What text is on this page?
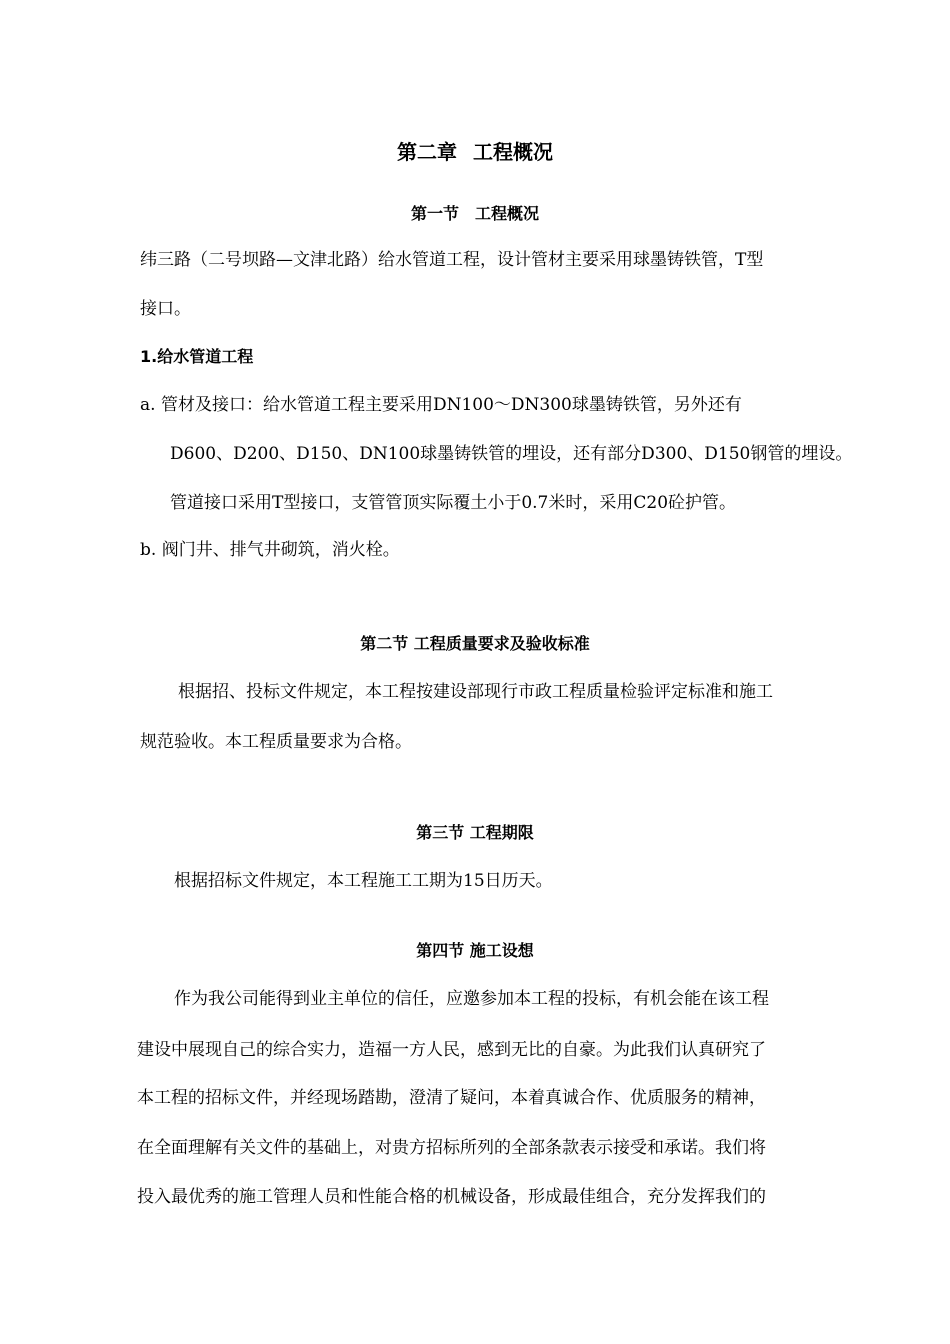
第二章 工程概况
第一节 工程概况
纬三路（二号坝路—文津北路）给水管道工程，设计管材主要采用球墨铸铁管，T型
接口。
1.给水管道工程
a. 管材及接口：给水管道工程主要采用DN100～DN300球墨铸铁管，另外还有
D600、D200、D150、DN100球墨铸铁管的埋设，还有部分D300、D150钢管的埋设。
管道接口采用T型接口，支管管顶实际覆土小于0.7米时，采用C20砼护管。
b. 阀门井、排气井砌筑，消火栓。
第二节 工程质量要求及验收标准
根据招、投标文件规定，本工程按建设部现行市政工程质量检验评定标准和施工
规范验收。本工程质量要求为合格。
第三节 工程期限
根据招标文件规定，本工程施工工期为15日历天。
第四节 施工设想
作为我公司能得到业主单位的信任，应邀参加本工程的投标，有机会能在该工程
建设中展现自己的综合实力，造福一方人民，感到无比的自豪。为此我们认真研究了
本工程的招标文件，并经现场踏勘，澄清了疑问，本着真诚合作、优质服务的精神，
在全面理解有关文件的基础上，对贵方招标所列的全部条款表示接受和承诺。我们将
投入最优秀的施工管理人员和性能合格的机械设备，形成最佳组合，充分发挥我们的
